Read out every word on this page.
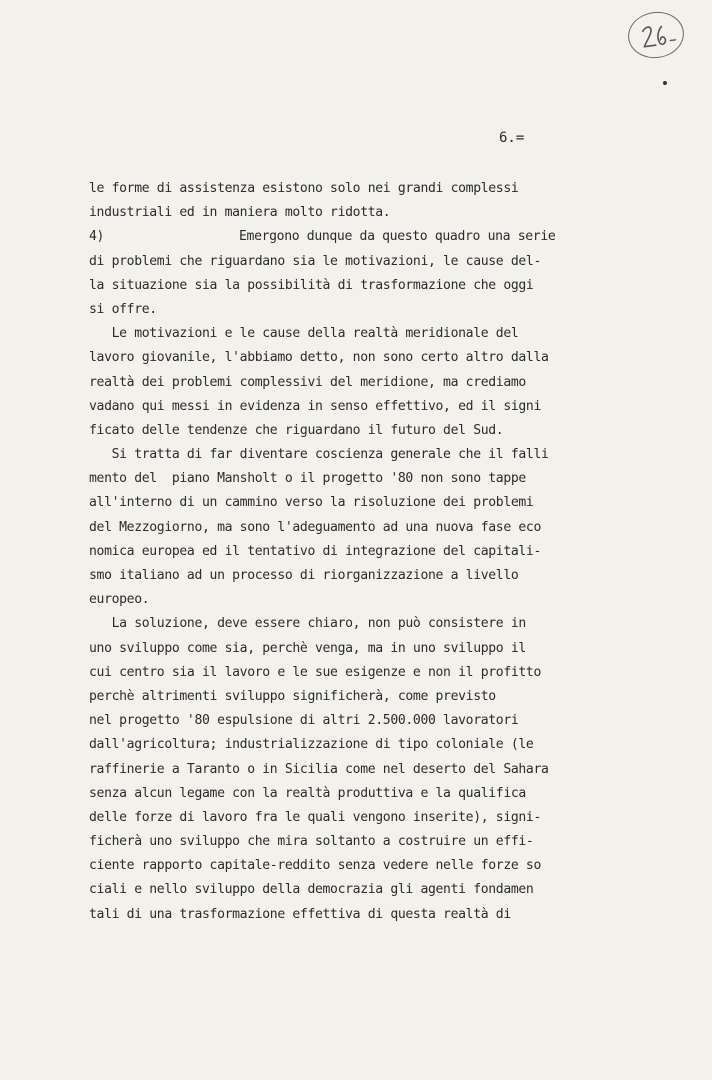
6.=
le forme di assistenza esistono solo nei grandi complessi
industriali ed in maniera molto ridotta.
4)	Emergono dunque da questo quadro una serie
di problemi che riguardano sia le motivazioni, le cause del-
la situazione sia la possibilità di trasformazione che oggi
si offre.
Le motivazioni e le cause della realtà meridionale del
lavoro giovanile, l'abbiamo detto, non sono certo altro dalla
realtà dei problemi complessivi del meridione, ma crediamo
vadano qui messi in evidenza in senso effettivo, ed il signi
ficato delle tendenze che riguardano il futuro del Sud.
Si tratta di far diventare coscienza generale che il falli
mento del  piano Mansholt o il progetto '80 non sono tappe
all'interno di un cammino verso la risoluzione dei problemi
del Mezzogiorno, ma sono l'adeguamento ad una nuova fase eco
nomica europea ed il tentativo di integrazione del capitali-
smo italiano ad un processo di riorganizzazione a livello
europeo.
La soluzione, deve essere chiaro, non può consistere in
uno sviluppo come sia, perchè venga, ma in uno sviluppo il
cui centro sia il lavoro e le sue esigenze e non il profitto
perchè altrimenti sviluppo significherà, come previsto
nel progetto '80 espulsione di altri 2.500.000 lavoratori
dall'agricoltura; industrializzazione di tipo coloniale (le
raffinerie a Taranto o in Sicilia come nel deserto del Sahara
senza alcun legame con la realtà produttiva e la qualifica
delle forze di lavoro fra le quali vengono inserite), signi-
ficherà uno sviluppo che mira soltanto a costruire un effi-
ciente rapporto capitale-reddito senza vedere nelle forze so
ciali e nello sviluppo della democrazia gli agenti fondamen
tali di una trasformazione effettiva di questa realtà di
